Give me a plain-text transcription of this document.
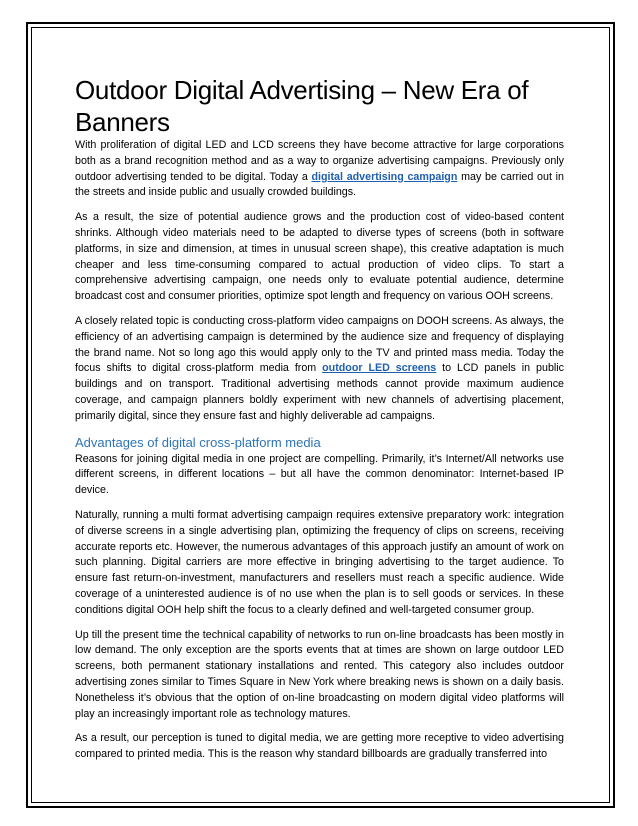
Outdoor Digital Advertising – New Era of Banners

With proliferation of digital LED and LCD screens they have become attractive for large corporations both as a brand recognition method and as a way to organize advertising campaigns. Previously only outdoor advertising tended to be digital. Today a digital advertising campaign may be carried out in the streets and inside public and usually crowded buildings.

As a result, the size of potential audience grows and the production cost of video-based content shrinks. Although video materials need to be adapted to diverse types of screens (both in software platforms, in size and dimension, at times in unusual screen shape), this creative adaptation is much cheaper and less time-consuming compared to actual production of video clips. To start a comprehensive advertising campaign, one needs only to evaluate potential audience, determine broadcast cost and consumer priorities, optimize spot length and frequency on various OOH screens.

A closely related topic is conducting cross-platform video campaigns on DOOH screens. As always, the efficiency of an advertising campaign is determined by the audience size and frequency of displaying the brand name. Not so long ago this would apply only to the TV and printed mass media. Today the focus shifts to digital cross-platform media from outdoor LED screens to LCD panels in public buildings and on transport. Traditional advertising methods cannot provide maximum audience coverage, and campaign planners boldly experiment with new channels of advertising placement, primarily digital, since they ensure fast and highly deliverable ad campaigns.

Advantages of digital cross-platform media

Reasons for joining digital media in one project are compelling. Primarily, it’s Internet/All networks use different screens, in different locations – but all have the common denominator: Internet-based IP device.

Naturally, running a multi format advertising campaign requires extensive preparatory work: integration of diverse screens in a single advertising plan, optimizing the frequency of clips on screens, receiving accurate reports etc. However, the numerous advantages of this approach justify an amount of work on such planning. Digital carriers are more effective in bringing advertising to the target audience. To ensure fast return-on-investment, manufacturers and resellers must reach a specific audience. Wide coverage of a uninterested audience is of no use when the plan is to sell goods or services. In these conditions digital OOH help shift the focus to a clearly defined and well-targeted consumer group.

Up till the present time the technical capability of networks to run on-line broadcasts has been mostly in low demand. The only exception are the sports events that at times are shown on large outdoor LED screens, both permanent stationary installations and rented. This category also includes outdoor advertising zones similar to Times Square in New York where breaking news is shown on a daily basis. Nonetheless it’s obvious that the option of on-line broadcasting on modern digital video platforms will play an increasingly important role as technology matures.

As a result, our perception is tuned to digital media, we are getting more receptive to video advertising compared to printed media. This is the reason why standard billboards are gradually transferred into
